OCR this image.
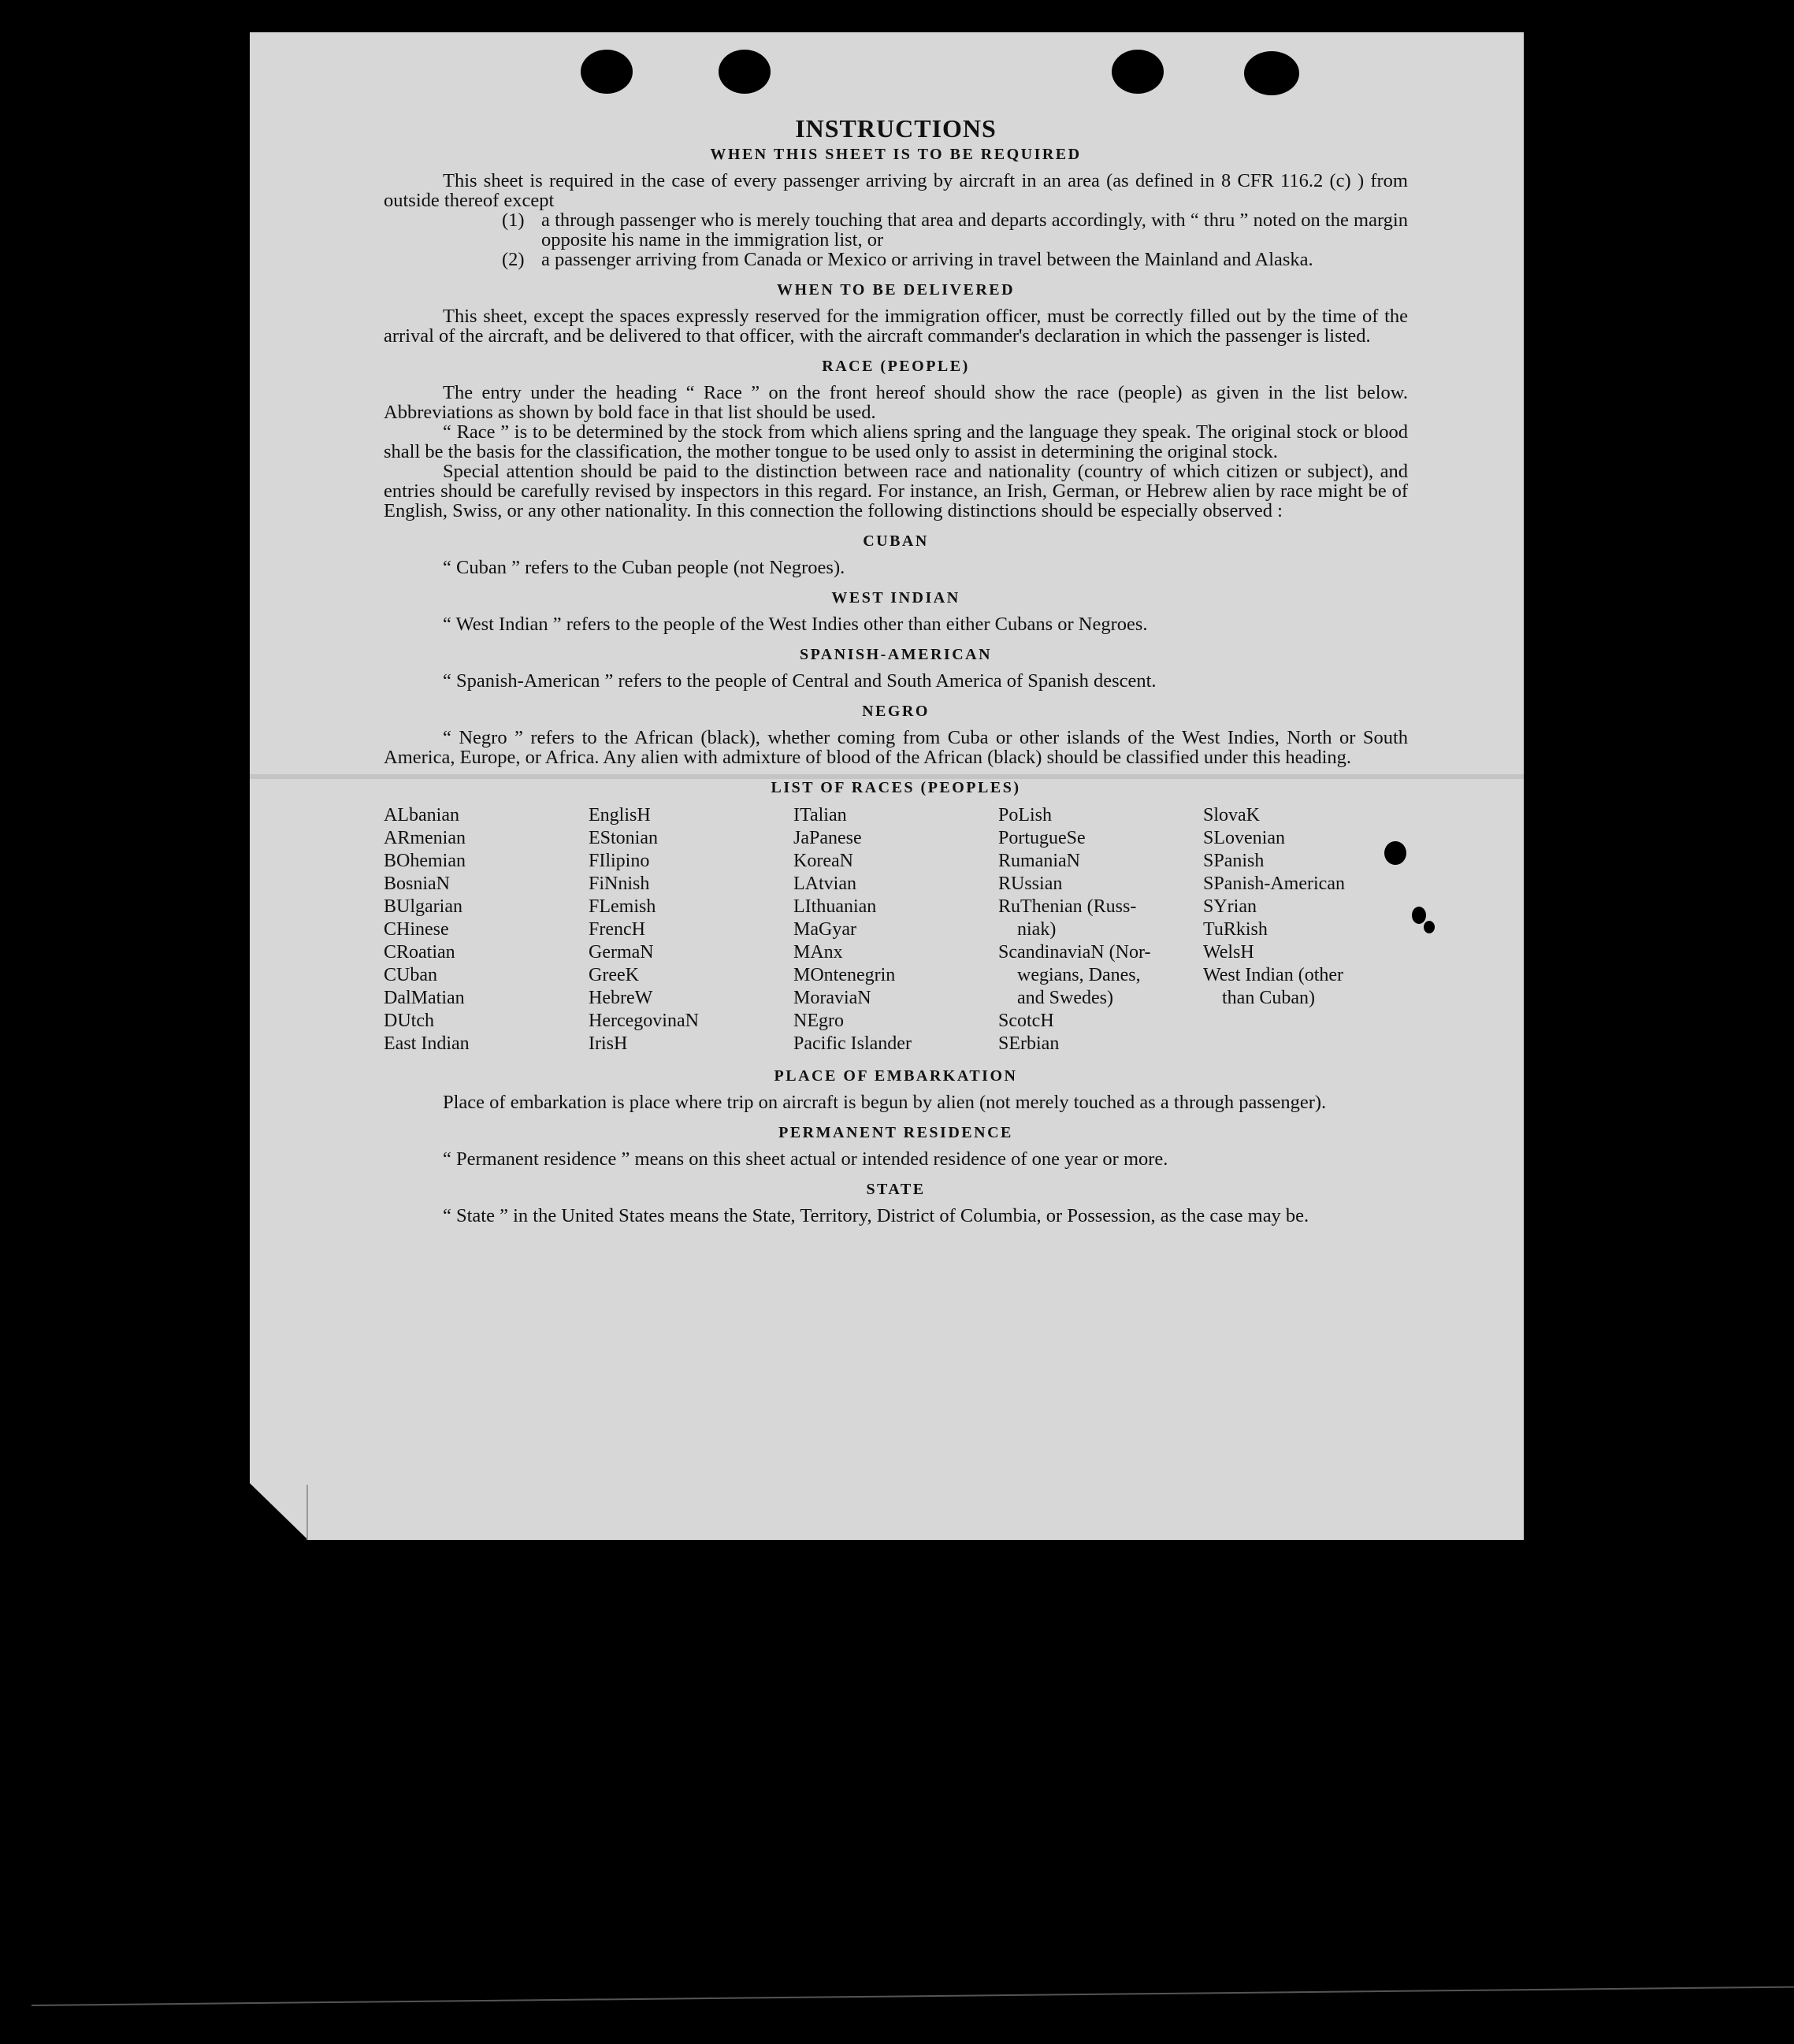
INSTRUCTIONS
WHEN THIS SHEET IS TO BE REQUIRED

This sheet is required in the case of every passenger arriving by aircraft in an area (as defined in 8 CFR 116.2 (c) ) from outside thereof except

(1) a through passenger who is merely touching that area and departs accordingly, with “ thru ” noted on the margin opposite his name in the immigration list, or
(2) a passenger arriving from Canada or Mexico or arriving in travel between the Mainland and Alaska.
WHEN TO BE DELIVERED

This sheet, except the spaces expressly reserved for the immigration officer, must be correctly filled out by the time of the arrival of the aircraft, and be delivered to that officer, with the aircraft commander's declaration in which the passenger is listed.

RACE (PEOPLE)

The entry under the heading “ Race ” on the front hereof should show the race (people) as given in the list below. Abbreviations as shown by bold face in that list should be used.

“ Race ” is to be determined by the stock from which aliens spring and the language they speak. The original stock or blood shall be the basis for the classification, the mother tongue to be used only to assist in determining the original stock.

Special attention should be paid to the distinction between race and nationality (country of which citizen or subject), and entries should be carefully revised by inspectors in this regard. For instance, an Irish, German, or Hebrew alien by race might be of English, Swiss, or any other nationality. In this connection the following distinctions should be especially observed :

CUBAN

“ Cuban ” refers to the Cuban people (not Negroes).

WEST INDIAN

“ West Indian ” refers to the people of the West Indies other than either Cubans or Negroes.

SPANISH-AMERICAN

“ Spanish-American ” refers to the people of Central and South America of Spanish descent.

NEGRO

“ Negro ” refers to the African (black), whether coming from Cuba or other islands of the West Indies, North or South America, Europe, or Africa. Any alien with admixture of blood of the African (black) should be classified under this heading.

LIST OF RACES (PEOPLES)
ALbanian
ARmenian
BOhemian
BosniaN
BUlgarian
CHinese
CRoatian
CUban
DalMatian
DUtch
East Indian
EnglisH
EStonian
FIlipino
FiNnish
FLemish
FrencH
GermaN
GreeK
HebreW
HercegovinaN
IrisH
ITalian
JaPanese
KoreaN
LAtvian
LIthuanian
MaGyar
MAnx
MOntenegrin
MoraviaN
NEgro
Pacific Islander
PoLish
PortugueSe
RumaniaN
RUssian
RuThenian (Russ-
niak)
ScandinaviaN (Nor-
wegians, Danes,
and Swedes)
ScotcH
SErbian
SlovaK
SLovenian
SPanish
SPanish-American
SYrian
TuRkish
WelsH
West Indian (other
than Cuban)
PLACE OF EMBARKATION

Place of embarkation is place where trip on aircraft is begun by alien (not merely touched as a through passenger).

PERMANENT RESIDENCE

“ Permanent residence ” means on this sheet actual or intended residence of one year or more.

STATE

“ State ” in the United States means the State, Territory, District of Columbia, or Possession, as the case may be.
